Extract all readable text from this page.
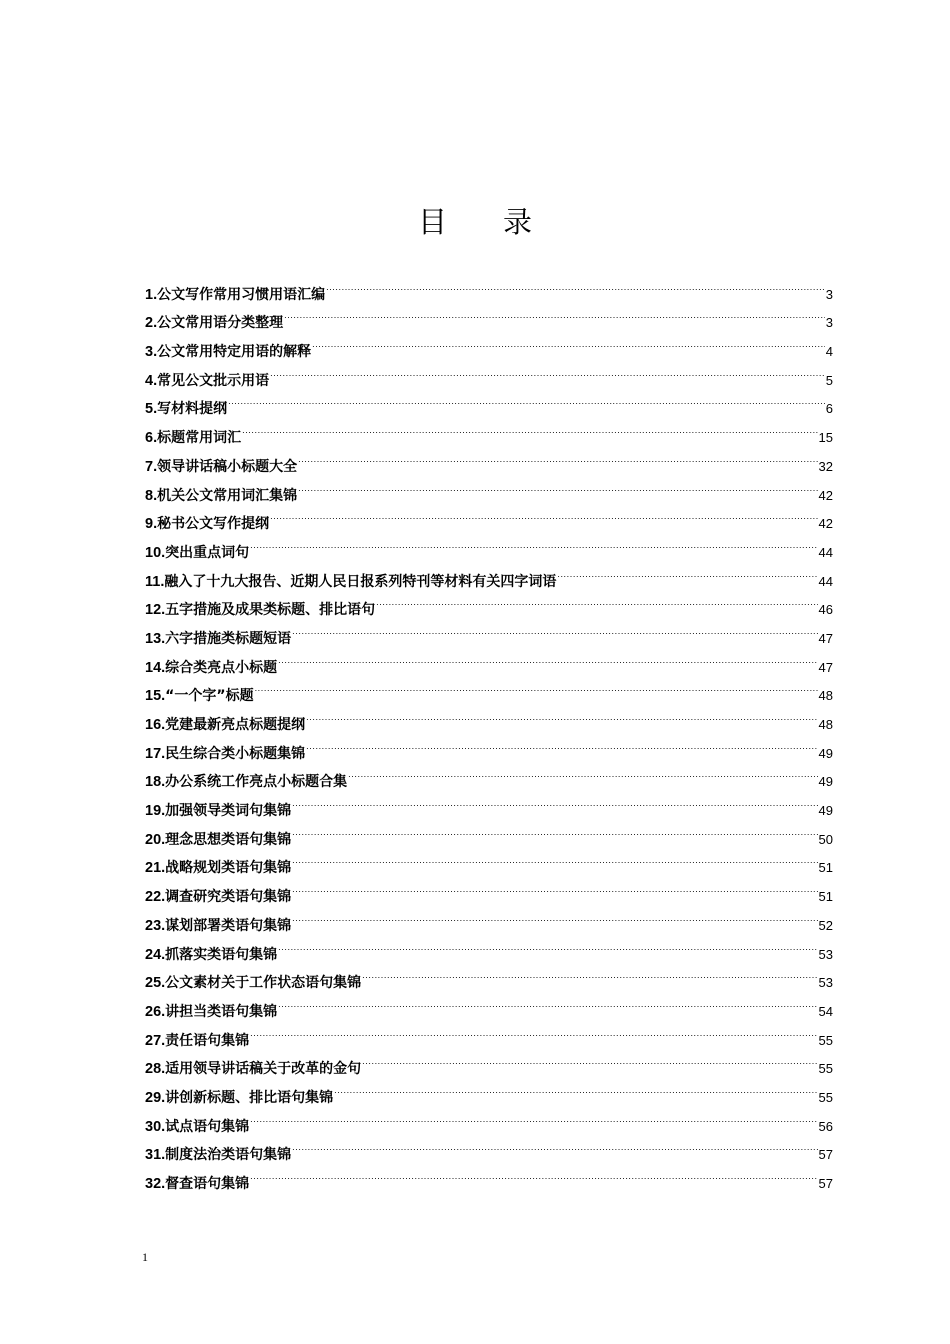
目录
1. 公文写作常用习惯用语汇编 .....	3
2. 公文常用语分类整理 .....	3
3. 公文常用特定用语的解释 .....	4
4. 常见公文批示用语 .....	5
5. 写材料提纲 .....	6
6. 标题常用词汇 .....	15
7. 领导讲话稿小标题大全 .....	32
8. 机关公文常用词汇集锦 .....	42
9. 秘书公文写作提纲 .....	42
10. 突出重点词句 .....	44
11. 融入了十九大报告、近期人民日报系列特刊等材料有关四字词语 .....	44
12. 五字措施及成果类标题、排比语句 .....	46
13. 六字措施类标题短语 .....	47
14. 综合类亮点小标题 .....	47
15. “一个字”标题 .....	48
16. 党建最新亮点标题提纲 .....	48
17. 民生综合类小标题集锦 .....	49
18. 办公系统工作亮点小标题合集 .....	49
19. 加强领导类词句集锦 .....	49
20. 理念思想类语句集锦 .....	50
21. 战略规划类语句集锦 .....	51
22. 调查研究类语句集锦 .....	51
23. 谋划部署类语句集锦 .....	52
24. 抓落实类语句集锦 .....	53
25. 公文素材关于工作状态语句集锦 .....	53
26. 讲担当类语句集锦 .....	54
27. 责任语句集锦 .....	55
28. 适用领导讲话稿关于改革的金句 .....	55
29. 讲创新标题、排比语句集锦 .....	55
30. 试点语句集锦 .....	56
31. 制度法治类语句集锦 .....	57
32. 督查语句集锦 .....	57
1
